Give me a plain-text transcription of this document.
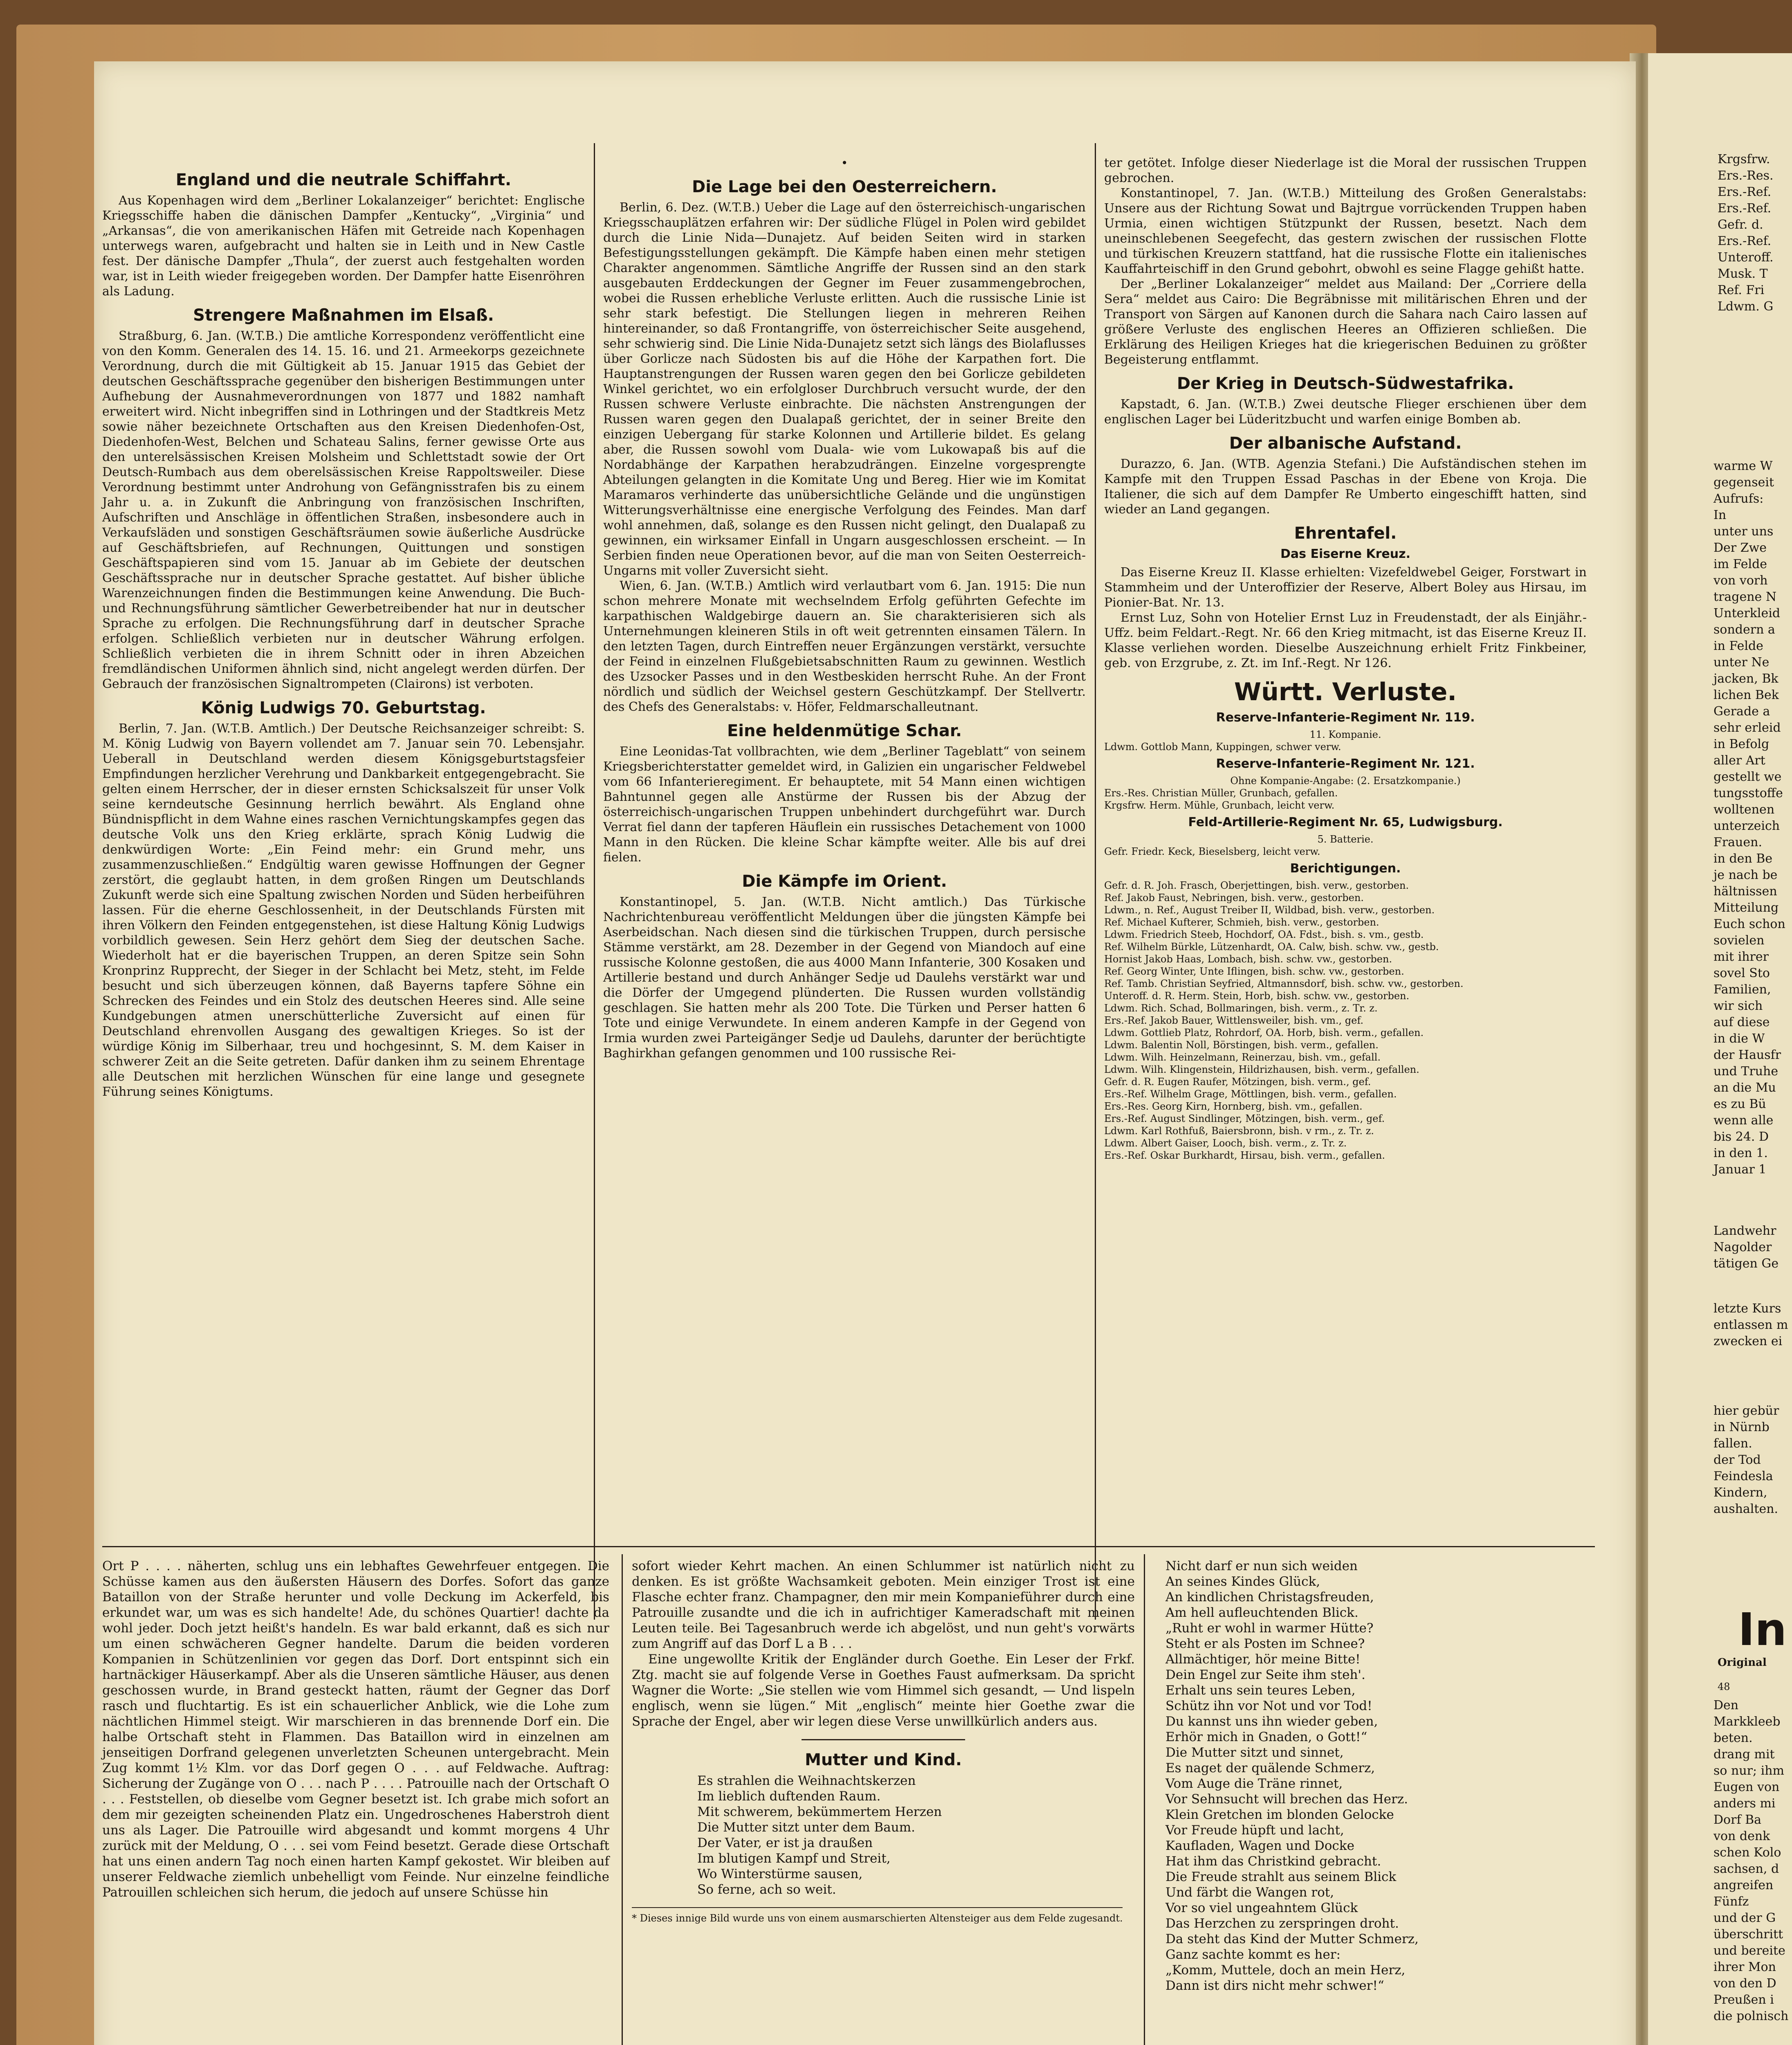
England und die neutrale Schiffahrt.

Aus Kopenhagen wird dem „Berliner Lokalanzeiger“ berichtet: Englische Kriegsschiffe haben die dänischen Dampfer „Kentucky“, „Virginia“ und „Arkansas“, die von amerikanischen Häfen mit Getreide nach Kopenhagen unterwegs waren, aufgebracht und halten sie in Leith und in New Castle fest. Der dänische Dampfer „Thula“, der zuerst auch festgehalten worden war, ist in Leith wieder freigegeben worden. Der Dampfer hatte Eisenröhren als Ladung.

Strengere Maßnahmen im Elsaß.

Straßburg, 6. Jan. (W.T.B.) Die amtliche Korrespondenz veröffentlicht eine von den Komm. Generalen des 14. 15. 16. und 21. Armeekorps gezeichnete Verordnung, durch die mit Gültigkeit ab 15. Januar 1915 das Gebiet der deutschen Geschäftssprache gegenüber den bisherigen Bestimmungen unter Aufhebung der Ausnahmeverordnungen von 1877 und 1882 namhaft erweitert wird. Nicht inbegriffen sind in Lothringen und der Stadtkreis Metz sowie näher bezeichnete Ortschaften aus den Kreisen Diedenhofen-Ost, Diedenhofen-West, Belchen und Schateau Salins, ferner gewisse Orte aus den unterelsässischen Kreisen Molsheim und Schlettstadt sowie der Ort Deutsch-Rumbach aus dem oberelsässischen Kreise Rappoltsweiler. Diese Verordnung bestimmt unter Androhung von Gefängnisstrafen bis zu einem Jahr u. a. in Zukunft die Anbringung von französischen Inschriften, Aufschriften und Anschläge in öffentlichen Straßen, insbesondere auch in Verkaufsläden und sonstigen Geschäftsräumen sowie äußerliche Ausdrücke auf Geschäftsbriefen, auf Rechnungen, Quittungen und sonstigen Geschäftspapieren sind vom 15. Januar ab im Gebiete der deutschen Geschäftssprache nur in deutscher Sprache gestattet. Auf bisher übliche Warenzeichnungen finden die Bestimmungen keine Anwendung. Die Buch- und Rechnungsführung sämtlicher Gewerbetreibender hat nur in deutscher Sprache zu erfolgen. Die Rechnungsführung darf in deutscher Sprache erfolgen. Schließlich verbieten nur in deutscher Währung erfolgen. Schließlich verbieten die in ihrem Schnitt oder in ihren Abzeichen fremdländischen Uniformen ähnlich sind, nicht angelegt werden dürfen. Der Gebrauch der französischen Signaltrompeten (Clairons) ist verboten.

König Ludwigs 70. Geburtstag.

Berlin, 7. Jan. (W.T.B. Amtlich.) Der Deutsche Reichsanzeiger schreibt: S. M. König Ludwig von Bayern vollendet am 7. Januar sein 70. Lebensjahr. Ueberall in Deutschland werden diesem Königsgeburtstagsfeier Empfindungen herzlicher Verehrung und Dankbarkeit entgegengebracht. Sie gelten einem Herrscher, der in dieser ernsten Schicksalszeit für unser Volk seine kerndeutsche Gesinnung herrlich bewährt. Als England ohne Bündnispflicht in dem Wahne eines raschen Vernichtungskampfes gegen das deutsche Volk uns den Krieg erklärte, sprach König Ludwig die denkwürdigen Worte: „Ein Feind mehr: ein Grund mehr, uns zusammenzuschließen.“ Endgültig waren gewisse Hoffnungen der Gegner zerstört, die geglaubt hatten, in dem großen Ringen um Deutschlands Zukunft werde sich eine Spaltung zwischen Norden und Süden herbeiführen lassen. Für die eherne Geschlossenheit, in der Deutschlands Fürsten mit ihren Völkern den Feinden entgegenstehen, ist diese Haltung König Ludwigs vorbildlich gewesen. Sein Herz gehört dem Sieg der deutschen Sache. Wiederholt hat er die bayerischen Truppen, an deren Spitze sein Sohn Kronprinz Rupprecht, der Sieger in der Schlacht bei Metz, steht, im Felde besucht und sich überzeugen können, daß Bayerns tapfere Söhne ein Schrecken des Feindes und ein Stolz des deutschen Heeres sind. Alle seine Kundgebungen atmen unerschütterliche Zuversicht auf einen für Deutschland ehrenvollen Ausgang des gewaltigen Krieges. So ist der würdige König im Silberhaar, treu und hochgesinnt, S. M. dem Kaiser in schwerer Zeit an die Seite getreten. Dafür danken ihm zu seinem Ehrentage alle Deutschen mit herzlichen Wünschen für eine lange und gesegnete Führung seines Königtums.

•
Die Lage bei den Oesterreichern.

Berlin, 6. Dez. (W.T.B.) Ueber die Lage auf den österreichisch-ungarischen Kriegsschauplätzen erfahren wir: Der südliche Flügel in Polen wird gebildet durch die Linie Nida—Dunajetz. Auf beiden Seiten wird in starken Befestigungsstellungen gekämpft. Die Kämpfe haben einen mehr stetigen Charakter angenommen. Sämtliche Angriffe der Russen sind an den stark ausgebauten Erddeckungen der Gegner im Feuer zusammengebrochen, wobei die Russen erhebliche Verluste erlitten. Auch die russische Linie ist sehr stark befestigt. Die Stellungen liegen in mehreren Reihen hintereinander, so daß Frontangriffe, von österreichischer Seite ausgehend, sehr schwierig sind. Die Linie Nida-Dunajetz setzt sich längs des Biolaflusses über Gorlicze nach Südosten bis auf die Höhe der Karpathen fort. Die Hauptanstrengungen der Russen waren gegen den bei Gorlicze gebildeten Winkel gerichtet, wo ein erfolgloser Durchbruch versucht wurde, der den Russen schwere Verluste einbrachte. Die nächsten Anstrengungen der Russen waren gegen den Dualapaß gerichtet, der in seiner Breite den einzigen Uebergang für starke Kolonnen und Artillerie bildet. Es gelang aber, die Russen sowohl vom Duala- wie vom Lukowapaß bis auf die Nordabhänge der Karpathen herabzudrängen. Einzelne vorgesprengte Abteilungen gelangten in die Komitate Ung und Bereg. Hier wie im Komitat Maramaros verhinderte das unübersichtliche Gelände und die ungünstigen Witterungsverhältnisse eine energische Verfolgung des Feindes. Man darf wohl annehmen, daß, solange es den Russen nicht gelingt, den Dualapaß zu gewinnen, ein wirksamer Einfall in Ungarn ausgeschlossen erscheint. — In Serbien finden neue Operationen bevor, auf die man von Seiten Oesterreich-Ungarns mit voller Zuversicht sieht.

Wien, 6. Jan. (W.T.B.) Amtlich wird verlautbart vom 6. Jan. 1915: Die nun schon mehrere Monate mit wechselndem Erfolg geführten Gefechte im karpathischen Waldgebirge dauern an. Sie charakterisieren sich als Unternehmungen kleineren Stils in oft weit getrennten einsamen Tälern. In den letzten Tagen, durch Eintreffen neuer Ergänzungen verstärkt, versuchte der Feind in einzelnen Flußgebietsabschnitten Raum zu gewinnen. Westlich des Uzsocker Passes und in den Westbeskiden herrscht Ruhe. An der Front nördlich und südlich der Weichsel gestern Geschützkampf. Der Stellvertr. des Chefs des Generalstabs: v. Höfer, Feldmarschalleutnant.

Eine heldenmütige Schar.

Eine Leonidas-Tat vollbrachten, wie dem „Berliner Tageblatt“ von seinem Kriegsberichterstatter gemeldet wird, in Galizien ein ungarischer Feldwebel vom 66 Infanterieregiment. Er behauptete, mit 54 Mann einen wichtigen Bahntunnel gegen alle Anstürme der Russen bis der Abzug der österreichisch-ungarischen Truppen unbehindert durchgeführt war. Durch Verrat fiel dann der tapferen Häuflein ein russisches Detachement von 1000 Mann in den Rücken. Die kleine Schar kämpfte weiter. Alle bis auf drei fielen.

Die Kämpfe im Orient.

Konstantinopel, 5. Jan. (W.T.B. Nicht amtlich.) Das Türkische Nachrichtenbureau veröffentlicht Meldungen über die jüngsten Kämpfe bei Aserbeidschan. Nach diesen sind die türkischen Truppen, durch persische Stämme verstärkt, am 28. Dezember in der Gegend von Miandoch auf eine russische Kolonne gestoßen, die aus 4000 Mann Infanterie, 300 Kosaken und Artillerie bestand und durch Anhänger Sedje ud Daulehs verstärkt war und die Dörfer der Umgegend plünderten. Die Russen wurden vollständig geschlagen. Sie hatten mehr als 200 Tote. Die Türken und Perser hatten 6 Tote und einige Verwundete. In einem anderen Kampfe in der Gegend von Irmia wurden zwei Parteigänger Sedje ud Daulehs, darunter der berüchtigte Baghirkhan gefangen genommen und 100 russische Rei-

ter getötet. Infolge dieser Niederlage ist die Moral der russischen Truppen gebrochen.

Konstantinopel, 7. Jan. (W.T.B.) Mitteilung des Großen Generalstabs: Unsere aus der Richtung Sowat und Bajtrgue vorrückenden Truppen haben Urmia, einen wichtigen Stützpunkt der Russen, besetzt. Nach dem uneinschlebenen Seegefecht, das gestern zwischen der russischen Flotte und türkischen Kreuzern stattfand, hat die russische Flotte ein italienisches Kauffahrteischiff in den Grund gebohrt, obwohl es seine Flagge gehißt hatte.

Der „Berliner Lokalanzeiger“ meldet aus Mailand: Der „Corriere della Sera“ meldet aus Cairo: Die Begräbnisse mit militärischen Ehren und der Transport von Särgen auf Kanonen durch die Sahara nach Cairo lassen auf größere Verluste des englischen Heeres an Offizieren schließen. Die Erklärung des Heiligen Krieges hat die kriegerischen Beduinen zu größter Begeisterung entflammt.

Der Krieg in Deutsch-Südwestafrika.

Kapstadt, 6. Jan. (W.T.B.) Zwei deutsche Flieger erschienen über dem englischen Lager bei Lüderitzbucht und warfen einige Bomben ab.

Der albanische Aufstand.

Durazzo, 6. Jan. (WTB. Agenzia Stefani.) Die Aufständischen stehen im Kampfe mit den Truppen Essad Paschas in der Ebene von Kroja. Die Italiener, die sich auf dem Dampfer Re Umberto eingeschifft hatten, sind wieder an Land gegangen.

Ehrentafel.
Das Eiserne Kreuz.

Das Eiserne Kreuz II. Klasse erhielten: Vizefeldwebel Geiger, Forstwart in Stammheim und der Unteroffizier der Reserve, Albert Boley aus Hirsau, im Pionier-Bat. Nr. 13.

Ernst Luz, Sohn von Hotelier Ernst Luz in Freudenstadt, der als Einjähr.-Uffz. beim Feldart.-Regt. Nr. 66 den Krieg mitmacht, ist das Eiserne Kreuz II. Klasse verliehen worden. Dieselbe Auszeichnung erhielt Fritz Finkbeiner, geb. von Erzgrube, z. Zt. im Inf.-Regt. Nr 126.

Württ. Verluste.
Reserve-Infanterie-Regiment Nr. 119.
11. Kompanie.
Ldwm. Gottlob Mann, Kuppingen, schwer verw.
Reserve-Infanterie-Regiment Nr. 121.
Ohne Kompanie-Angabe: (2. Ersatzkompanie.)
Ers.-Res. Christian Müller, Grunbach, gefallen.
Krgsfrw. Herm. Mühle, Grunbach, leicht verw.
Feld-Artillerie-Regiment Nr. 65, Ludwigsburg.
5. Batterie.
Gefr. Friedr. Keck, Bieselsberg, leicht verw.
Berichtigungen.
Gefr. d. R. Joh. Frasch, Oberjettingen, bish. verw., gestorben.
Ref. Jakob Faust, Nebringen, bish. verw., gestorben.
Ldwm., n. Ref., August Treiber II, Wildbad, bish. verw., gestorben.
Ref. Michael Kufterer, Schmieh, bish. verw., gestorben.
Ldwm. Friedrich Steeb, Hochdorf, OA. Fdst., bish. s. vm., gestb.
Ref. Wilhelm Bürkle, Lützenhardt, OA. Calw, bish. schw. vw., gestb.
Hornist Jakob Haas, Lombach, bish. schw. vw., gestorben.
Ref. Georg Winter, Unte Iflingen, bish. schw. vw., gestorben.
Ref. Tamb. Christian Seyfried, Altmannsdorf, bish. schw. vw., gestorben.
Unteroff. d. R. Herm. Stein, Horb, bish. schw. vw., gestorben.
Ldwm. Rich. Schad, Bollmaringen, bish. verm., z. Tr. z.
Ers.-Ref. Jakob Bauer, Wittlensweiler, bish. vm., gef.
Ldwm. Gottlieb Platz, Rohrdorf, OA. Horb, bish. verm., gefallen.
Ldwm. Balentin Noll, Börstingen, bish. verm., gefallen.
Ldwm. Wilh. Heinzelmann, Reinerzau, bish. vm., gefall.
Ldwm. Wilh. Klingenstein, Hildrizhausen, bish. verm., gefallen.
Gefr. d. R. Eugen Raufer, Mötzingen, bish. verm., gef.
Ers.-Ref. Wilhelm Grage, Möttlingen, bish. verm., gefallen.
Ers.-Res. Georg Kirn, Hornberg, bish. vm., gefallen.
Ers.-Ref. August Sindlinger, Mötzingen, bish. verm., gef.
Ldwm. Karl Rothfuß, Baiersbronn, bish. v rm., z. Tr. z.
Ldwm. Albert Gaiser, Looch, bish. verm., z. Tr. z.
Ers.-Ref. Oskar Burkhardt, Hirsau, bish. verm., gefallen.

Ort P . . . . näherten, schlug uns ein lebhaftes Gewehrfeuer entgegen. Die Schüsse kamen aus den äußersten Häusern des Dorfes. Sofort das ganze Bataillon von der Straße herunter und volle Deckung im Ackerfeld, bis erkundet war, um was es sich handelte! Ade, du schönes Quartier! dachte da wohl jeder. Doch jetzt heißt's handeln. Es war bald erkannt, daß es sich nur um einen schwächeren Gegner handelte. Darum die beiden vorderen Kompanien in Schützenlinien vor gegen das Dorf. Dort entspinnt sich ein hartnäckiger Häuserkampf. Aber als die Unseren sämtliche Häuser, aus denen geschossen wurde, in Brand gesteckt hatten, räumt der Gegner das Dorf rasch und fluchtartig. Es ist ein schauerlicher Anblick, wie die Lohe zum nächtlichen Himmel steigt. Wir marschieren in das brennende Dorf ein. Die halbe Ortschaft steht in Flammen. Das Bataillon wird in einzelnen am jenseitigen Dorfrand gelegenen unverletzten Scheunen untergebracht. Mein Zug kommt 1½ Klm. vor das Dorf gegen O . . . auf Feldwache. Auftrag: Sicherung der Zugänge von O . . . nach P . . . . Patrouille nach der Ortschaft O . . . Feststellen, ob dieselbe vom Gegner besetzt ist. Ich grabe mich sofort an dem mir gezeigten scheinenden Platz ein. Ungedroschenes Haberstroh dient uns als Lager. Die Patrouille wird abgesandt und kommt morgens 4 Uhr zurück mit der Meldung, O . . . sei vom Feind besetzt. Gerade diese Ortschaft hat uns einen andern Tag noch einen harten Kampf gekostet. Wir bleiben auf unserer Feldwache ziemlich unbehelligt vom Feinde. Nur einzelne feindliche Patrouillen schleichen sich herum, die jedoch auf unsere Schüsse hin

sofort wieder Kehrt machen. An einen Schlummer ist natürlich nicht zu denken. Es ist größte Wachsamkeit geboten. Mein einziger Trost ist eine Flasche echter franz. Champagner, den mir mein Kompanieführer durch eine Patrouille zusandte und die ich in aufrichtiger Kameradschaft mit meinen Leuten teile. Bei Tagesanbruch werde ich abgelöst, und nun geht's vorwärts zum Angriff auf das Dorf L a B . . .

Eine ungewollte Kritik der Engländer durch Goethe. Ein Leser der Frkf. Ztg. macht sie auf folgende Verse in Goethes Faust aufmerksam. Da spricht Wagner die Worte: „Sie stellen wie vom Himmel sich gesandt, — Und lispeln englisch, wenn sie lügen.“ Mit „englisch“ meinte hier Goethe zwar die Sprache der Engel, aber wir legen diese Verse unwillkürlich anders aus.

Mutter und Kind.
Es strahlen die Weihnachtskerzen
Im lieblich duftenden Raum.
Mit schwerem, bekümmertem Herzen
Die Mutter sitzt unter dem Baum.
Der Vater, er ist ja draußen
Im blutigen Kampf und Streit,
Wo Winterstürme sausen,
So ferne, ach so weit.
* Dieses innige Bild wurde uns von einem ausmarschierten Altensteiger aus dem Felde zugesandt.
Nicht darf er nun sich weiden
An seines Kindes Glück,
An kindlichen Christagsfreuden,
Am hell aufleuchtenden Blick.
„Ruht er wohl in warmer Hütte?
Steht er als Posten im Schnee?
Allmächtiger, hör meine Bitte!
Dein Engel zur Seite ihm steh'.
Erhalt uns sein teures Leben,
Schütz ihn vor Not und vor Tod!
Du kannst uns ihn wieder geben,
Erhör mich in Gnaden, o Gott!“
Die Mutter sitzt und sinnet,
Es naget der quälende Schmerz,
Vom Auge die Träne rinnet,
Vor Sehnsucht will brechen das Herz.
Klein Gretchen im blonden Gelocke
Vor Freude hüpft und lacht,
Kaufladen, Wagen und Docke
Hat ihm das Christkind gebracht.
Die Freude strahlt aus seinem Blick
Und färbt die Wangen rot,
Vor so viel ungeahntem Glück
Das Herzchen zu zerspringen droht.
Da steht das Kind der Mutter Schmerz,
Ganz sachte kommt es her:
„Komm, Muttele, doch an mein Herz,
Dann ist dirs nicht mehr schwer!“
Krgsfrw.
Ers.-Res.
Ers.-Ref.
Ers.-Ref.
Gefr. d.
Ers.-Ref.
Unteroff.
Musk. T
Ref. Fri
Ldwm. G
warme W
gegenseit
Aufrufs:
In
unter uns
Der Zwe
im Felde
von vorh
tragene N
Unterkleid
sondern a
in Felde
unter Ne
jacken, Bk
lichen Bek
Gerade a
sehr erleid
in Befolg
aller Art
gestellt we
tungsstoffe
wolltenen
unterzeich
Frauen.
in den Be
je nach be
hältnissen
Mitteilung
Euch schon
sovielen
mit ihrer
sovel Sto
Familien,
wir sich
auf diese
in die W
der Hausfr
und Truhe
an die Mu
es zu Bü
wenn alle
bis 24. D
in den 1.
Januar 1
Landwehr
Nagolder
tätigen Ge
letzte Kurs
entlassen m
zwecken ei
hier gebür
in Nürnb
fallen.
der Tod
Feindesla
Kindern,
aushalten.
In
Original
48
Den
Markkleeb
beten.
drang mit
so nur; ihm
Eugen von
anders mi
Dorf Ba
von denk
schen Kolo
sachsen, d
angreifen
Fünfz
und der G
überschritt
und bereite
ihrer Mon
von den D
Preußen i
die polnisch
